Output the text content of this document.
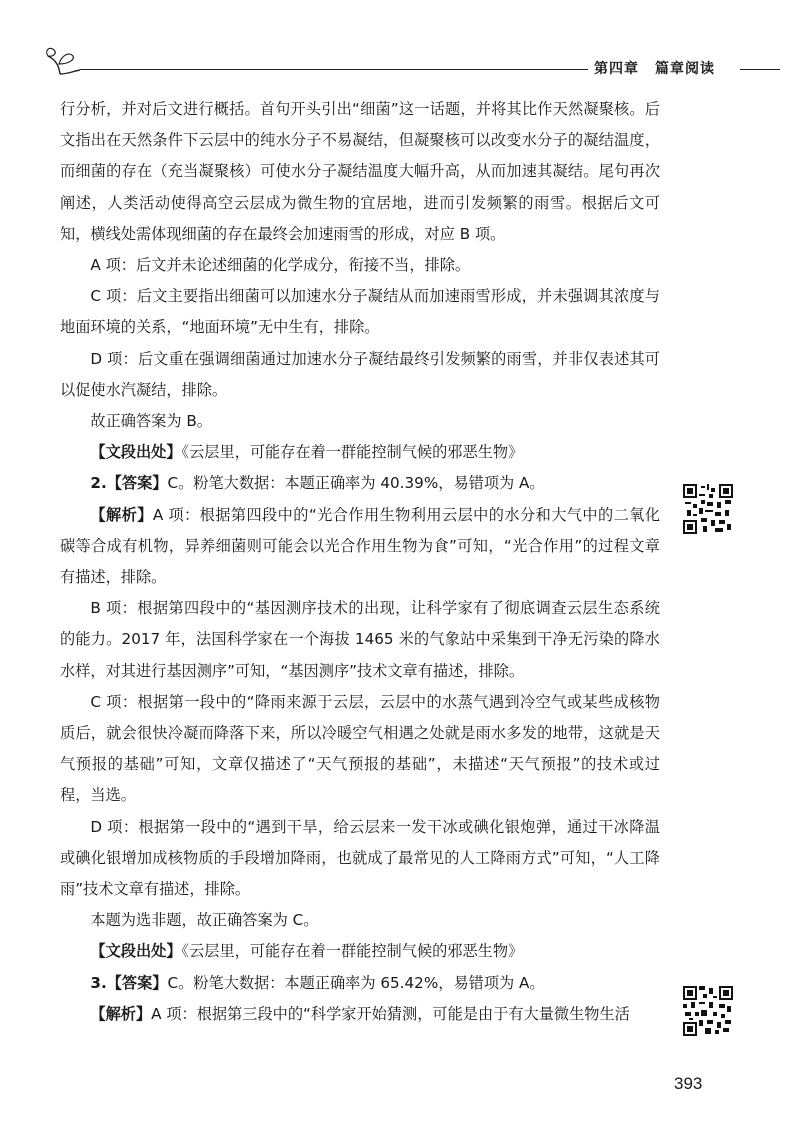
第四章 篇章阅读

行分析，并对后文进行概括。首句开头引出“细菌”这一话题，并将其比作天然凝聚核。后文指出在天然条件下云层中的纯水分子不易凝结，但凝聚核可以改变水分子的凝结温度，而细菌的存在（充当凝聚核）可使水分子凝结温度大幅升高，从而加速其凝结。尾句再次阐述，人类活动使得高空云层成为微生物的宜居地，进而引发频繁的雨雪。根据后文可知，横线处需体现细菌的存在最终会加速雨雪的形成，对应 B 项。

A 项：后文并未论述细菌的化学成分，衔接不当，排除。

C 项：后文主要指出细菌可以加速水分子凝结从而加速雨雪形成，并未强调其浓度与地面环境的关系，“地面环境”无中生有，排除。

D 项：后文重在强调细菌通过加速水分子凝结最终引发频繁的雨雪，并非仅表述其可以促使水汽凝结，排除。

故正确答案为 B。

【文段出处】《云层里，可能存在着一群能控制气候的邪恶生物》

2.【答案】C。粉笔大数据：本题正确率为 40.39%，易错项为 A。

【解析】A 项：根据第四段中的“光合作用生物利用云层中的水分和大气中的二氧化碳等合成有机物，异养细菌则可能会以光合作用生物为食”可知，“光合作用”的过程文章有描述，排除。

B 项：根据第四段中的“基因测序技术的出现，让科学家有了彻底调查云层生态系统的能力。2017 年，法国科学家在一个海拔 1465 米的气象站中采集到干净无污染的降水水样，对其进行基因测序”可知，“基因测序”技术文章有描述，排除。

C 项：根据第一段中的“降雨来源于云层，云层中的水蒸气遇到冷空气或某些成核物质后，就会很快冷凝而降落下来，所以冷暖空气相遇之处就是雨水多发的地带，这就是天气预报的基础”可知，文章仅描述了“天气预报的基础”，未描述“天气预报”的技术或过程，当选。

D 项：根据第一段中的“遇到干旱，给云层来一发干冰或碘化银炮弹，通过干冰降温或碘化银增加成核物质的手段增加降雨，也就成了最常见的人工降雨方式”可知，“人工降雨”技术文章有描述，排除。

本题为选非题，故正确答案为 C。

【文段出处】《云层里，可能存在着一群能控制气候的邪恶生物》

3.【答案】C。粉笔大数据：本题正确率为 65.42%，易错项为 A。

【解析】A 项：根据第三段中的“科学家开始猜测，可能是由于有大量微生物生活

393
